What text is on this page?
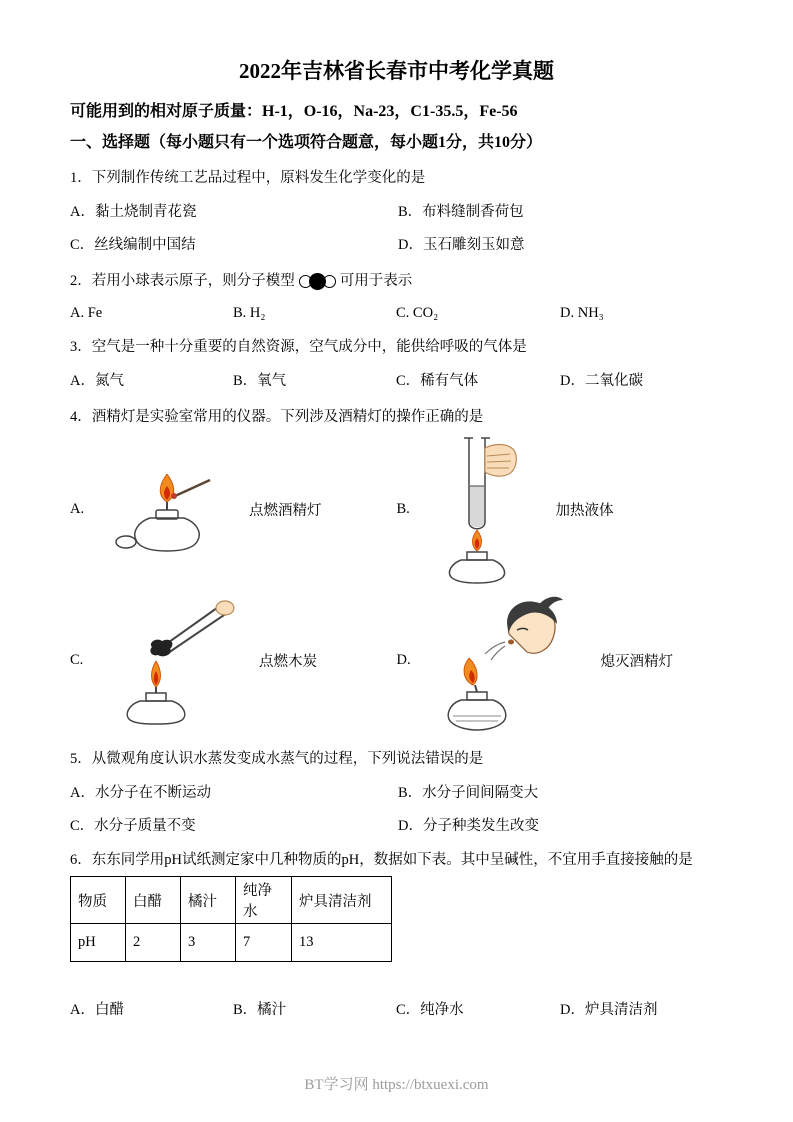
2022年吉林省长春市中考化学真题

可能用到的相对原子质量：H-1，O-16，Na-23，C1-35.5，Fe-56

一、选择题（每小题只有一个选项符合题意，每小题1分，共10分）

1．下列制作传统工艺品过程中，原料发生化学变化的是

A．黏土烧制青花瓷	B．布料缝制香荷包
C．丝线编制中国结	D．玉石雕刻玉如意

2．若用小球表示原子，则分子模型	可用于表示

A. Fe	B. H₂	C. CO₂	D. NH₃

3．空气是一种十分重要的自然资源，空气成分中，能供给呼吸的气体是

A．氮气	B．氧气	C．稀有气体	D．二氧化碳

4．酒精灯是实验室常用的仪器。下列涉及酒精灯的操作正确的是

A.	点燃酒精灯	B.	加热液体
C.	点燃木炭	D.	熄灭酒精灯

5．从微观角度认识水蒸发变成水蒸气的过程，下列说法错误的是

A．水分子在不断运动	B．水分子间间隔变大
C．水分子质量不变	D．分子种类发生改变

6．东东同学用pH试纸测定家中几种物质的pH，数据如下表。其中呈碱性，不宜用手直接接触的是

物质	白醋	橘汁	纯净水	炉具清洁剂
pH	2	3	7	13
A．白醋	B．橘汁	C．纯净水	D．炉具清洁剂
BT学习网 https://btxuexi.com
